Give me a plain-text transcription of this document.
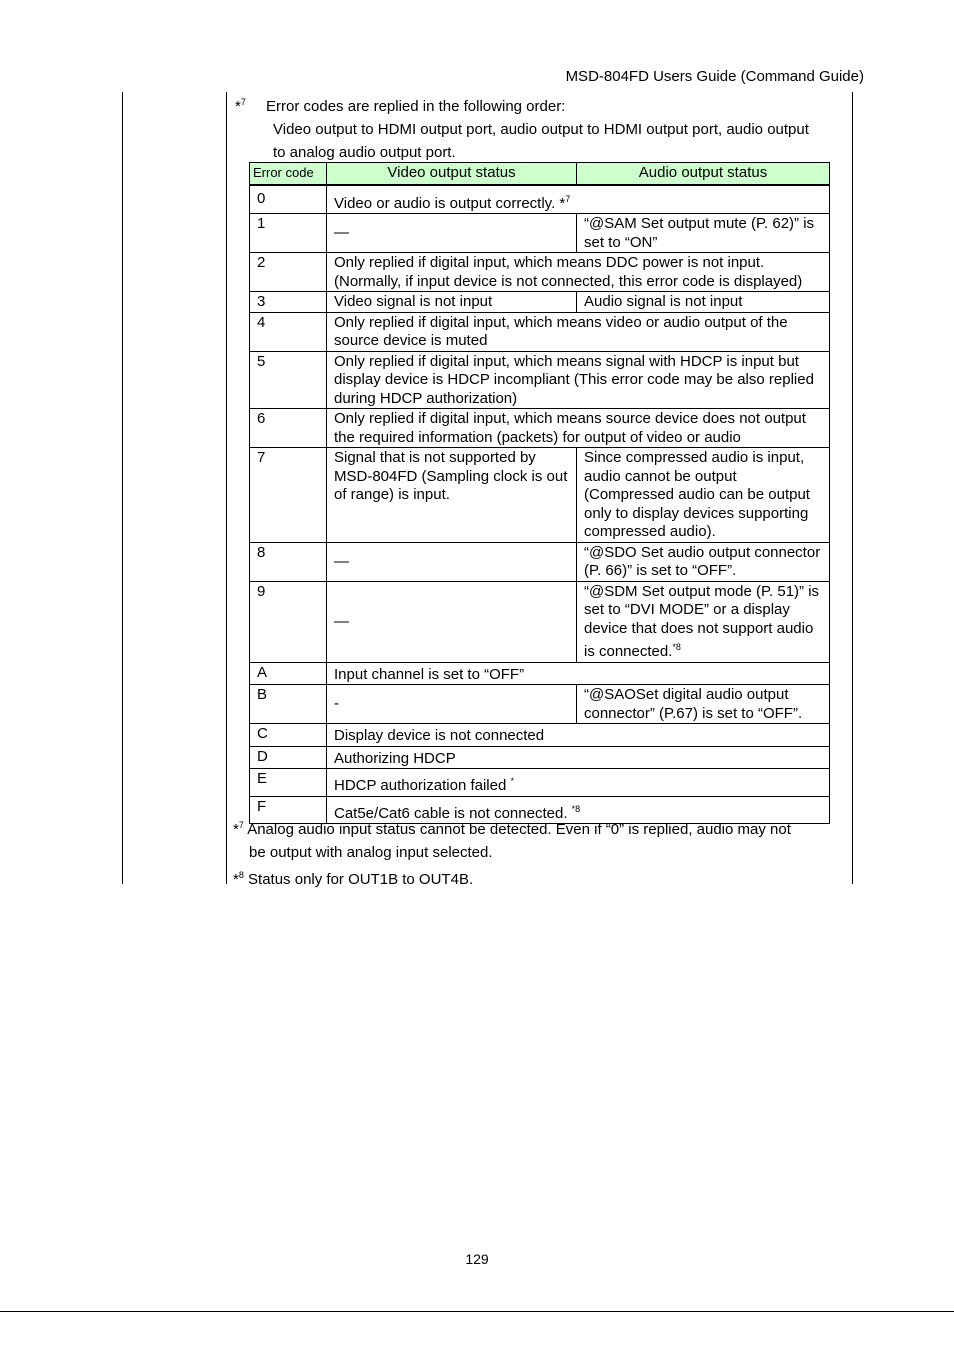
MSD-804FD Users Guide (Command Guide)
*$^7$ Error codes are replied in the following order:
Video output to HDMI output port, audio output to HDMI output port, audio output
to analog audio output port.
Error code	Video output status	Audio output status
0	Video or audio is output correctly. *$^7$
1	—	“@SAM Set output mute (P. 62)” is set to “ON”
2	Only replied if digital input, which means DDC power is not input. (Normally, if input device is not connected, this error code is displayed)	
3	Video signal is not input	Audio signal is not input
4	Only replied if digital input, which means video or audio output of the source device is muted	
5	Only replied if digital input, which means signal with HDCP is input but display device is HDCP incompliant (This error code may be also replied during HDCP authorization)	
6	Only replied if digital input, which means source device does not output the required information (packets) for output of video or audio	
7	Signal that is not supported by MSD-804FD (Sampling clock is out of range) is input.	Since compressed audio is input, audio cannot be output (Compressed audio can be output only to display devices supporting compressed audio).
8	—	“@SDO Set audio output connector (P. 66)” is set to “OFF”.
9	—	“@SDM Set output mode (P. 51)” is set to “DVI MODE” or a display device that does not support audio is connected.$^{*8}$
A	Input channel is set to “OFF”	
B	-	“@SAOSet digital audio output connector” (P.67) is set to “OFF”.
C	Display device is not connected	
D	Authorizing HDCP	
E	HDCP authorization failed *
F	Cat5e/Cat6 cable is not connected. $^{*8}$
*$^7$ Analog audio input status cannot be detected. Even if “0” is replied, audio may not
be output with analog input selected.
*$^8$ Status only for OUT1B to OUT4B.
129
